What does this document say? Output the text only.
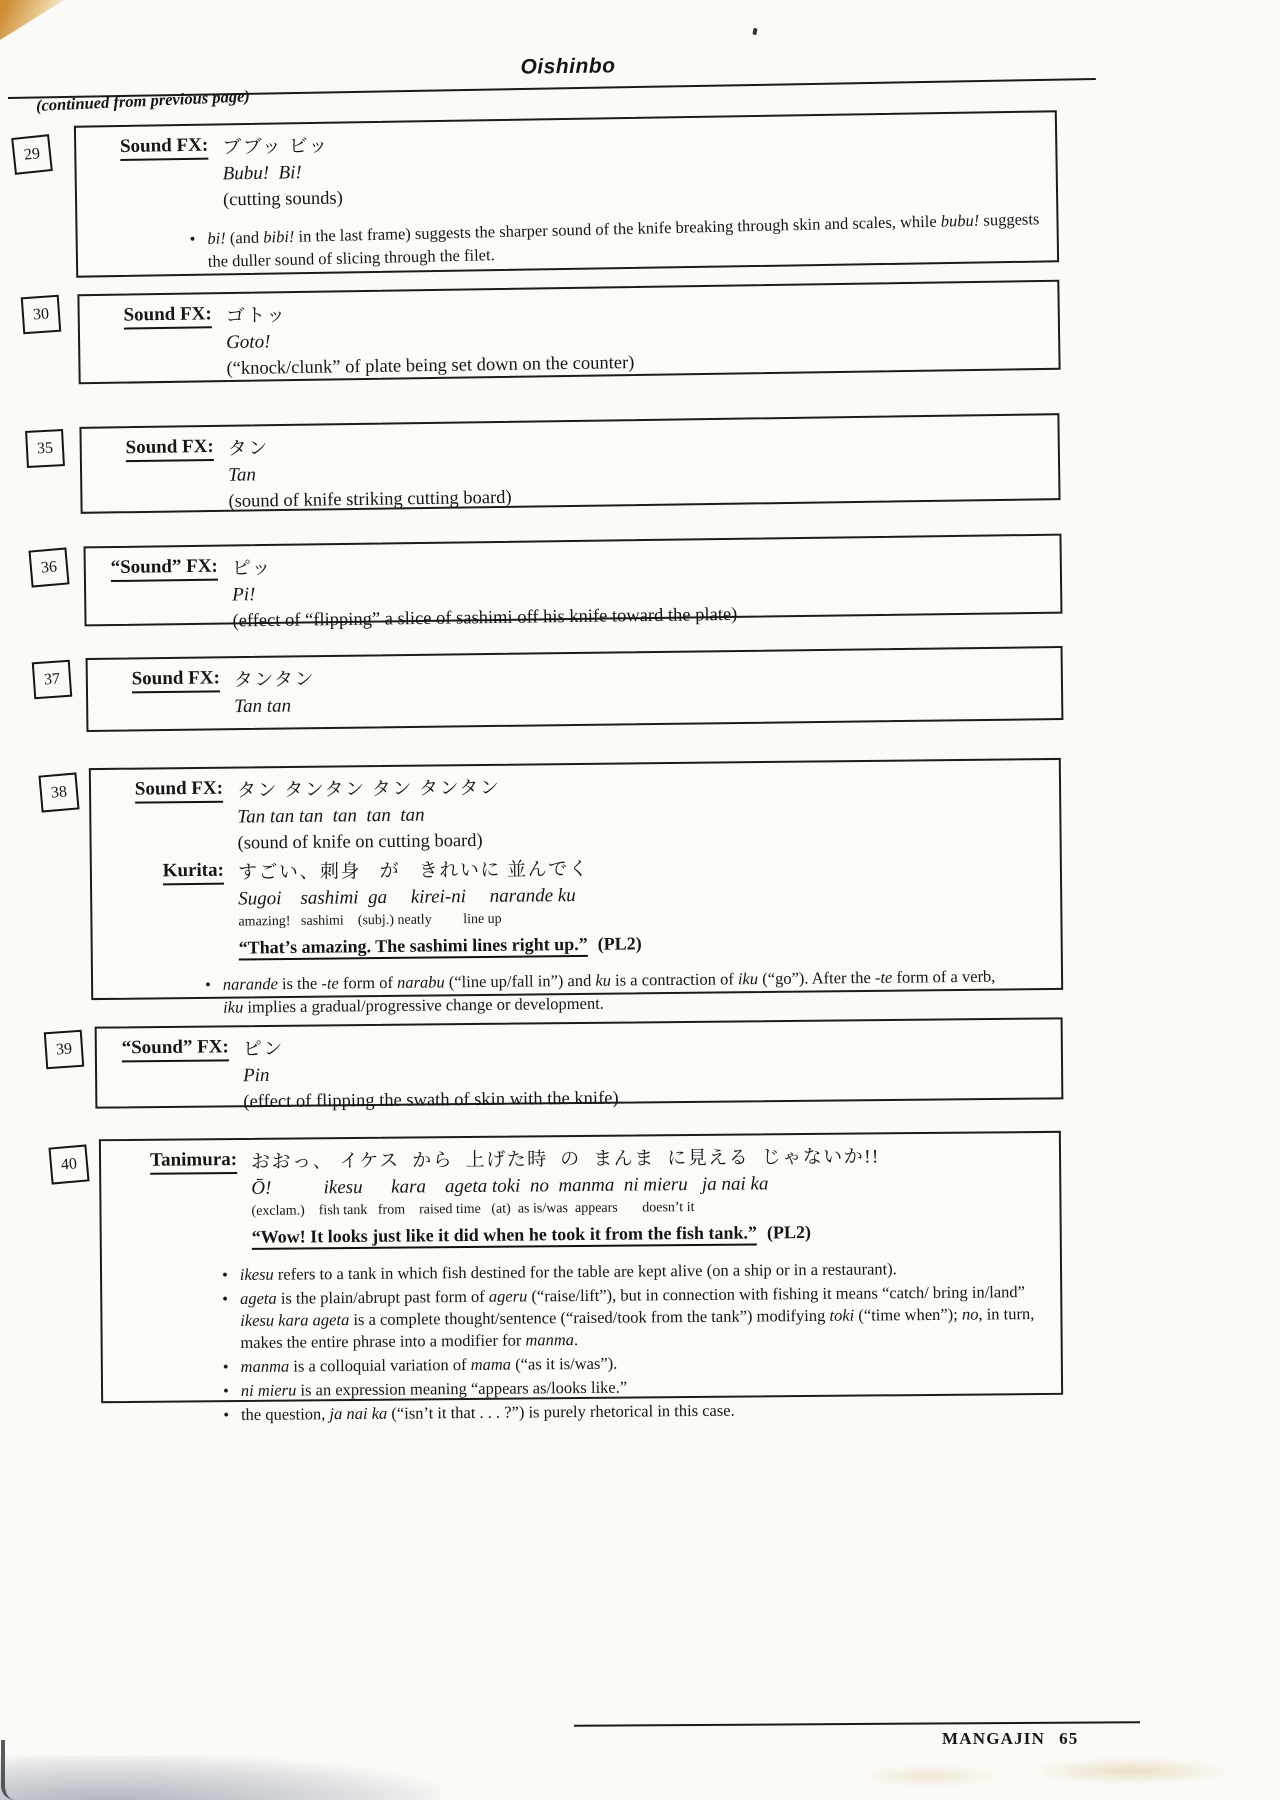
Oishinbo
(continued from previous page)
29	Sound FX: ブブッ ビッ
Bubu!  Bi!
(cutting sounds)
• bi! (and bibi! in the last frame) suggests the sharper sound of the knife breaking through skin and scales, while bubu! suggests the duller sound of slicing through the filet.
30	Sound FX: ゴトッ
Goto!
(“knock/clunk” of plate being set down on the counter)
35	Sound FX: タン
Tan
(sound of knife striking cutting board)
36	“Sound” FX: ピッ
Pi!
(effect of “flipping” a slice of sashimi off his knife toward the plate)
37	Sound FX: タンタン
Tan tan
38	Sound FX: タン タンタン タン タンタン
Tan tan tan  tan  tan  tan
(sound of knife on cutting board)
Kurita: すごい、刺身   が   きれいに 並んでく
Sugoi    sashimi  ga     kirei-ni     narande ku
amazing!   sashimi    (subj.) neatly         line up
“That’s amazing. The sashimi lines right up.” (PL2)
• narande is the -te form of narabu (“line up/fall in”) and ku is a contraction of iku (“go”). After the -te form of a verb, iku implies a gradual/progressive change or development.
39	“Sound” FX: ピン
Pin
(effect of flipping the swath of skin with the knife)
40	Tanimura: おおっ、 イケス  から  上げた時  の  まんま  に見える  じゃないか!!
Ō!           ikesu      kara    ageta toki  no  manma  ni mieru   ja nai ka
(exclam.)    fish tank   from    raised time   (at)  as is/was  appears       doesn’t it
“Wow! It looks just like it did when he took it from the fish tank.” (PL2)
• ikesu refers to a tank in which fish destined for the table are kept alive (on a ship or in a restaurant).
• ageta is the plain/abrupt past form of ageru (“raise/lift”), but in connection with fishing it means “catch/ bring in/land” ikesu kara ageta is a complete thought/sentence (“raised/took from the tank”) modifying toki (“time when”); no, in turn, makes the entire phrase into a modifier for manma.
• manma is a colloquial variation of mama (“as it is/was”).
• ni mieru is an expression meaning “appears as/looks like.”
• the question, ja nai ka (“isn’t it that . . . ?”) is purely rhetorical in this case.
MANGAJIN 65
